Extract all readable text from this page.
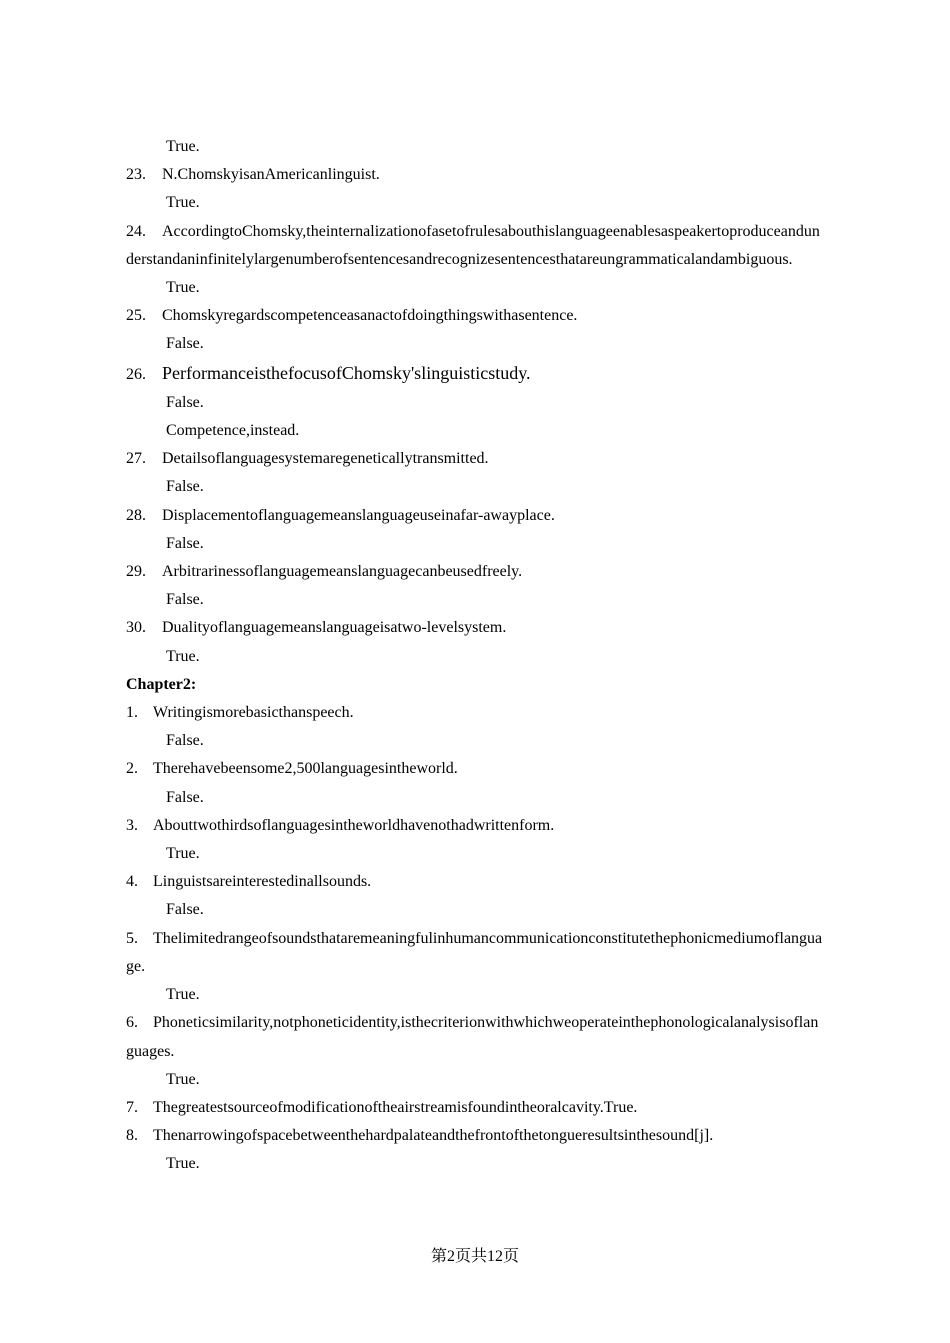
True.
23. N.ChomskyisanAmericanlinguist.
True.
24. AccordingtoChomsky,theinternalizationofasetofrulesabouthislanguageenablesaspeakertoproduceandunderstandaninfinitelylargenumberofsentencesandrecognizesentencesthatareungrammaticalandambiguous.
True.
25. Chomskyregardscompetenceasanactofdoingthingswithasentence.
False.
26. PerformanceisthefocusofChomsky'slinguisticstudy.
False.
Competence,instead.
27. Detailsoflanguagesystemaregeneticallytransmitted.
False.
28. Displacementoflanguagemeanslanguageuseinafar-awayplace.
False.
29. Arbitrarinessoflanguagemeanslanguagecanbeusedfreely.
False.
30. Dualityoflanguagemeanslanguageisatwo-levelsystem.
True.
Chapter2:
1. Writingismorebasicthanspeech.
False.
2. Therehavebeensome2,500languagesintheworld.
False.
3. Abouttwothirdsoflanguagesintheworldhavenothadwrittenform.
True.
4. Linguistsareinterestedinallsounds.
False.
5. Thelimitedrangeofsoundsthataremeaningfulinhumancommunicationconstitutethephonicmediumoflanguage.
True.
6. Phoneticsimilarity,notphoneticidentity,isthecriterionwithwhichweoperateinthephonologicalanalysisoflanguages.
True.
7. Thegreatestsourceofmodificationoftheairstreamisfoundintheoralcavity.True.
8. Thenarrowingofspacebetweenthehardpalateandthefrontofthetongueresultsinthesound[j].
True.
第2页共12页
